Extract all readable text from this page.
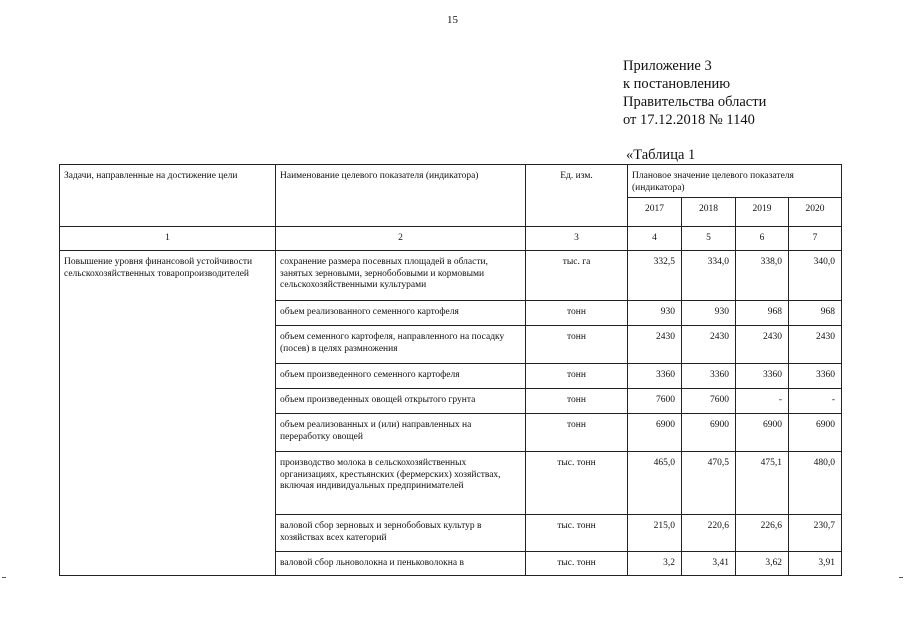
15
Приложение 3
к постановлению
Правительства области
от 17.12.2018 № 1140
«Таблица 1
Задачи, направленные на достижение цели	Наименование целевого показателя (индикатора)	Ед. изм.	Плановое значение целевого показателя (индикатора)			
			2017	2018	2019	2020
1	2	3	4	5	6	7
Повышение уровня финансовой устойчивости сельскохозяйственных товаропроизводителей	сохранение размера посевных площадей в области, занятых зерновыми, зернобобовыми и кормовыми сельскохозяйственными культурами	тыс. га	332,5	334,0	338,0	340,0
	объем реализованного семенного картофеля	тонн	930	930	968	968
	объем семенного картофеля, направленного на посадку (посев) в целях размножения	тонн	2430	2430	2430	2430
	объем произведенного семенного картофеля	тонн	3360	3360	3360	3360
	объем произведенных овощей открытого грунта	тонн	7600	7600	-	-
	объем реализованных и (или) направленных на переработку овощей	тонн	6900	6900	6900	6900
	производство молока в сельскохозяйственных организациях, крестьянских (фермерских) хозяйствах, включая индивидуальных предпринимателей	тыс. тонн	465,0	470,5	475,1	480,0
	валовой сбор зерновых и зернобобовых культур в хозяйствах всех категорий	тыс. тонн	215,0	220,6	226,6	230,7
	валовой сбор льноволокна и пеньковолокна в	тыс. тонн	3,2	3,41	3,62	3,91
